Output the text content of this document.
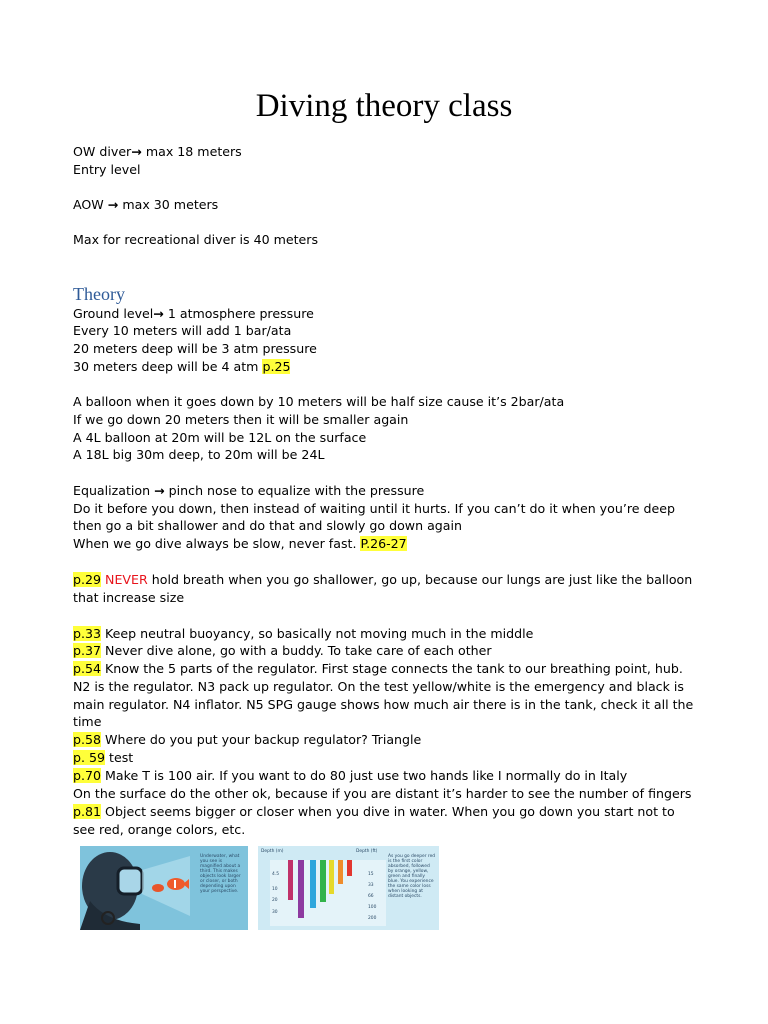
Diving theory class
OW diver→ max 18 meters
Entry level
AOW → max 30 meters
Max for recreational diver is 40 meters
Theory
Ground level→ 1 atmosphere pressure
Every 10 meters will add 1 bar/ata
20 meters deep will be 3 atm pressure
30 meters deep will be 4 atm p.25
A balloon when it goes down by 10 meters will be half size cause it’s 2bar/ata
If we go down 20 meters then it will be smaller again
A 4L balloon at 20m will be 12L on the surface
A 18L big 30m deep, to 20m will be 24L
Equalization → pinch nose to equalize with the pressure
Do it before you down, then instead of waiting until it hurts. If you can’t do it when you’re deep
then go a bit shallower and do that and slowly go down again
When we go dive always be slow, never fast. P.26-27
p.29 NEVER hold breath when you go shallower, go up, because our lungs are just like the balloon
that increase size
p.33 Keep neutral buoyancy, so basically not moving much in the middle
p.37 Never dive alone, go with a buddy. To take care of each other
p.54 Know the 5 parts of the regulator. First stage connects the tank to our breathing point, hub.
N2 is the regulator. N3 pack up regulator. On the test yellow/white is the emergency and black is
main regulator. N4 inflator. N5 SPG gauge shows how much air there is in the tank, check it all the
time
p.58 Where do you put your backup regulator? Triangle
p. 59 test
p.70 Make T is 100 air. If you want to do 80 just use two hands like I normally do in Italy
On the surface do the other ok, because if you are distant it’s harder to see the number of fingers
p.81 Object seems bigger or closer when you dive in water. When you go down you start not to
see red, orange colors, etc.
Underwater, what you see is magnified about a third. This makes objects look larger or closer, or both depending upon your perspective.
Depth (m)	Depth (ft)
4.5
10
20
30
15
33
66
100
200
As you go deeper red is the first color absorbed, followed by orange, yellow, green and finally blue. You experience the same color loss when looking at distant objects.
